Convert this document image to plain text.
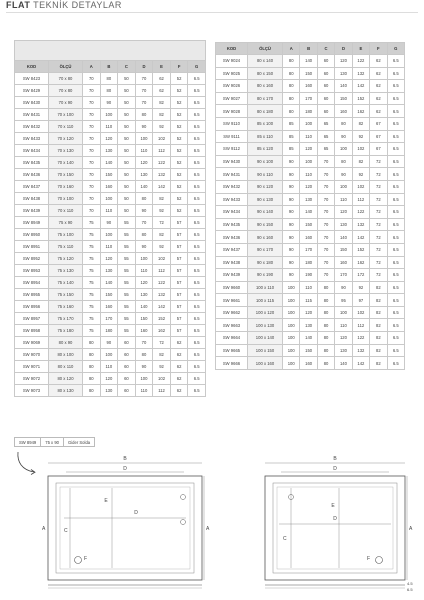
FLAT TEKNİK DETAYLAR

KOD	ÖLÇÜ	A	B	C	D	E	F	G
SW 8423	70 x 80	70	80	50	70	62	52	6.5
SW 8429	70 x 80	70	80	50	70	62	52	6.5
SW 8430	70 x 90	70	90	50	70	82	52	6.5
SW 8431	70 x 100	70	100	50	80	82	52	6.5
SW 8432	70 x 110	70	110	50	90	92	52	6.5
SW 8433	70 x 120	70	120	50	100	102	52	6.5
SW 8434	70 x 130	70	130	50	110	112	52	6.5
SW 8435	70 x 140	70	140	50	120	122	52	6.5
SW 8436	70 x 150	70	150	50	130	132	52	6.5
SW 8437	70 x 160	70	160	50	140	142	52	6.5
SW 8438	70 x 100	70	100	50	80	82	52	6.5
SW 8439	70 x 110	70	110	50	90	92	52	6.5
SW 8949	75 x 90	75	90	55	70	72	57	6.5
SW 8950	75 x 100	75	100	55	80	82	57	6.5
SW 8951	75 x 110	75	110	55	90	92	57	6.5
SW 8952	75 x 120	75	120	55	100	102	57	6.5
SW 8953	75 x 130	75	130	55	110	112	57	6.5
SW 8954	75 x 140	75	140	55	120	122	57	6.5
SW 8955	75 x 150	75	150	55	130	132	57	6.5
SW 8956	75 x 160	75	160	55	140	142	57	6.5
SW 8957	75 x 170	75	170	55	150	152	57	6.5
SW 8958	75 x 180	75	180	55	160	162	57	6.5
SW 9069	80 x 90	80	90	60	70	72	62	6.5
SW 9070	80 x 100	80	100	60	80	82	62	6.5
SW 9071	80 x 110	80	110	60	90	92	62	6.5
SW 9072	80 x 120	80	120	60	100	102	62	6.5
SW 9073	80 x 130	80	130	60	110	112	62	6.5
KOD	ÖLÇÜ	A	B	C	D	E	F	G
SW 9024	80 x 140	80	140	60	120	122	62	6.5
SW 9025	80 x 150	80	150	60	130	132	62	6.5
SW 9026	80 x 160	80	160	60	140	142	62	6.5
SW 9027	80 x 170	80	170	60	150	152	62	6.5
SW 9028	80 x 180	80	180	60	160	162	62	6.5
SW 9110	85 x 100	85	100	65	80	82	67	6.5
SW 9111	85 x 110	85	110	65	90	92	67	6.5
SW 9112	85 x 120	85	120	65	100	102	67	6.5
SW 9430	90 x 100	90	100	70	80	82	72	6.5
SW 9431	90 x 110	90	110	70	90	92	72	6.5
SW 9432	90 x 120	90	120	70	100	102	72	6.5
SW 9433	90 x 130	90	130	70	110	112	72	6.5
SW 9434	90 x 140	90	140	70	120	122	72	6.5
SW 9435	90 x 150	90	150	70	130	132	72	6.5
SW 9436	90 x 160	90	160	70	140	142	72	6.5
SW 9437	90 x 170	90	170	70	150	152	72	6.5
SW 9438	90 x 180	90	180	70	160	162	72	6.5
SW 9439	90 x 190	90	190	70	170	172	72	6.5
SW 9660	100 x 110	100	110	80	90	92	82	6.5
SW 9661	100 x 115	100	115	80	95	97	82	6.5
SW 9662	100 x 120	100	120	80	100	102	82	6.5
SW 9663	100 x 130	100	130	80	110	112	82	6.5
SW 9664	100 x 140	100	140	80	120	122	82	6.5
SW 9665	100 x 150	100	150	80	130	132	82	6.5
SW 9666	100 x 160	100	160	80	140	142	82	6.5
SW 8949	75 x 90	Gider Solda
B
D
E
D
C	A
A
F
B
D
E
D
C
A
F
4.5
6.5
